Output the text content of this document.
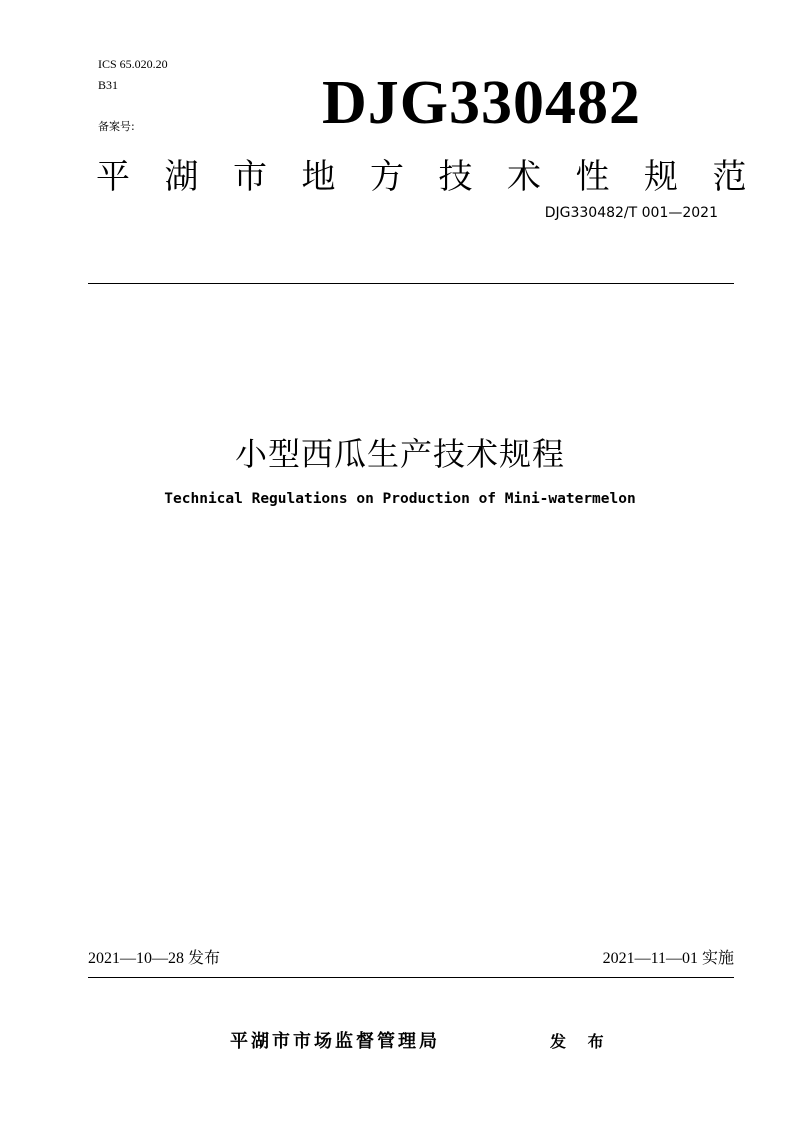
ICS 65.020.20
B31
备案号:	DJG330482
平湖市地方技术性规范
DJG330482/T 001—2021
小型西瓜生产技术规程
Technical Regulations on Production of Mini-watermelon
2021—10—28 发布	2021—11—01 实施
平湖市市场监督管理局	发 布
